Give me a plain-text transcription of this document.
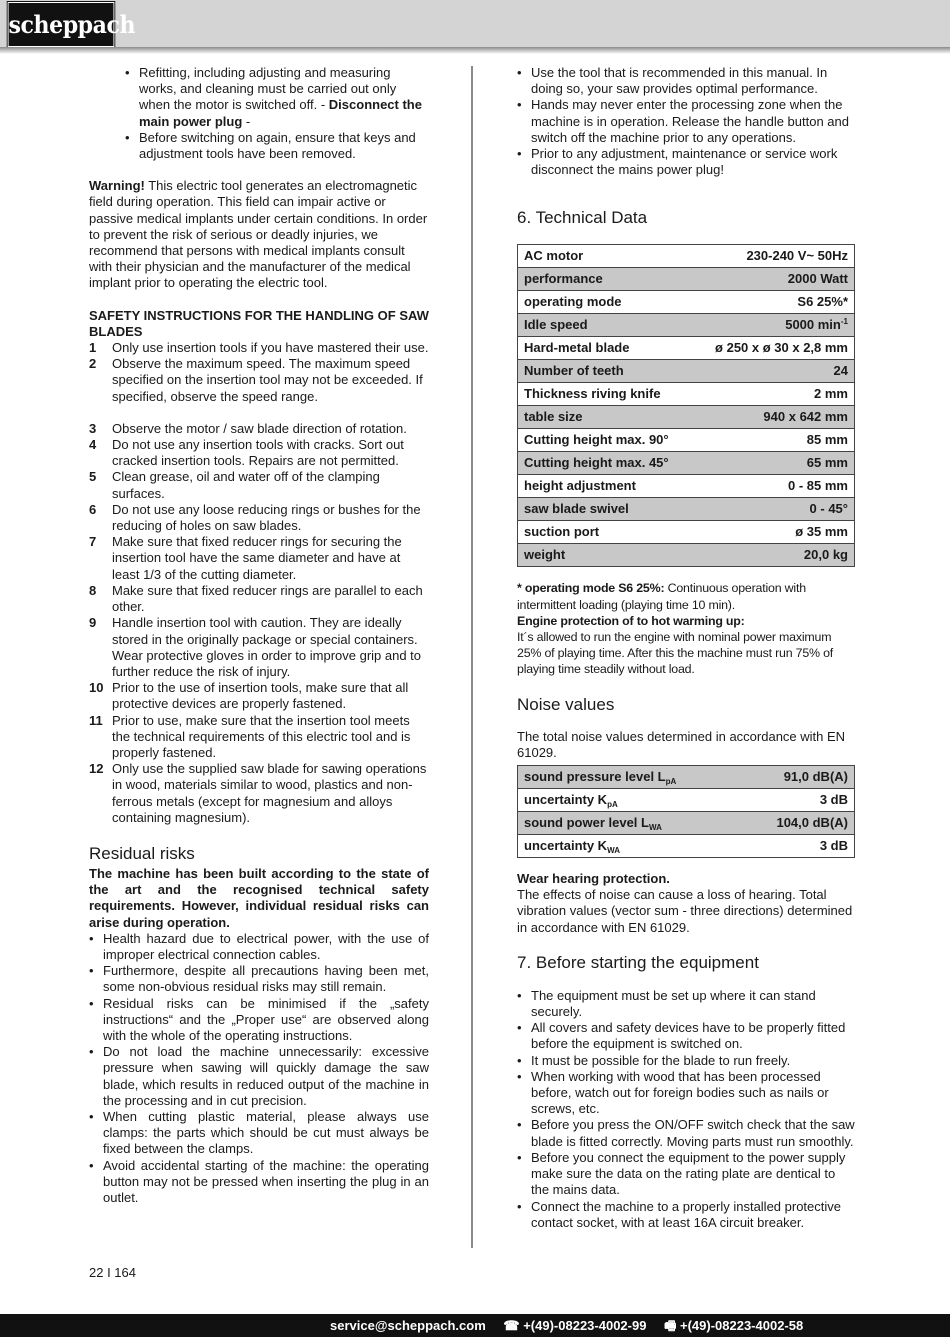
scheppach
• Refitting, including adjusting and measuring works, and cleaning must be carried out only when the motor is switched off. - Disconnect the main power plug -
• Before switching on again, ensure that keys and adjustment tools have been removed.

Warning! This electric tool generates an electromagnetic field during operation. This field can impair active or passive medical implants under certain conditions. In order to prevent the risk of serious or deadly injuries, we recommend that persons with medical implants consult with their physician and the manufacturer of the medical implant prior to operating the electric tool.

SAFETY INSTRUCTIONS FOR THE HANDLING OF SAW BLADES

1 Only use insertion tools if you have mastered their use.
2 Observe the maximum speed. The maximum speed specified on the insertion tool may not be exceeded. If specified, observe the speed range.
3 Observe the motor / saw blade direction of rotation.
4 Do not use any insertion tools with cracks. Sort out cracked insertion tools. Repairs are not permitted.
5 Clean grease, oil and water off of the clamping surfaces.
6 Do not use any loose reducing rings or bushes for the reducing of holes on saw blades.
7 Make sure that fixed reducer rings for securing the insertion tool have the same diameter and have at least 1/3 of the cutting diameter.
8 Make sure that fixed reducer rings are parallel to each other.
9 Handle insertion tool with caution. They are ideally stored in the originally package or special containers. Wear protective gloves in order to improve grip and to further reduce the risk of injury.
10 Prior to the use of insertion tools, make sure that all protective devices are properly fastened.
11 Prior to use, make sure that the insertion tool meets the technical requirements of this electric tool and is properly fastened.
12 Only use the supplied saw blade for sawing operations in wood, materials similar to wood, plastics and non-ferrous metals (except for magnesium and alloys containing magnesium).
Residual risks

The machine has been built according to the state of the art and the recognised technical safety requirements. However, individual residual risks can arise during operation.

• Health hazard due to electrical power, with the use of improper electrical connection cables.
• Furthermore, despite all precautions having been met, some non-obvious residual risks may still remain.
• Residual risks can be minimised if the „safety instructions“ and the „Proper use“ are observed along with the whole of the operating instructions.
• Do not load the machine unnecessarily: excessive pressure when sawing will quickly damage the saw blade, which results in reduced output of the machine in the processing and in cut precision.
• When cutting plastic material, please always use clamps: the parts which should be cut must always be fixed between the clamps.
• Avoid accidental starting of the machine: the operating button may not be pressed when inserting the plug in an outlet.
• Use the tool that is recommended in this manual. In doing so, your saw provides optimal performance.
• Hands may never enter the processing zone when the machine is in operation. Release the handle button and switch off the machine prior to any operations.
• Prior to any adjustment, maintenance or service work disconnect the mains power plug!
6. Technical Data
AC motor	230-240 V~ 50Hz
performance	2000 Watt
operating mode	S6 25%*
Idle speed	5000 $\min^{-1}$
Hard-metal blade	ø 250 x ø 30 x 2,8 mm
Number of teeth	24
Thickness riving knife	2 mm
table size	940 x 642 mm
Cutting height max. 90°	85 mm
Cutting height max. 45°	65 mm
height adjustment	0 - 85 mm
saw blade swivel	0 - 45°
suction port	ø 35 mm
weight	20,0 kg

* operating mode S6 25%: Continuous operation with intermittent loading (playing time 10 min).

Engine protection of to hot warming up:

It´s allowed to run the engine with nominal power maximum 25% of playing time. After this the machine must run 75% of playing time steadily without load.

Noise values

The total noise values determined in accordance with EN 61029.

sound pressure level $L_{pA}$	91,0 dB(A)
uncertainty $K_{pA}$	3 dB
sound power level $L_{WA}$	104,0 dB(A)
uncertainty $K_{WA}$	3 dB

Wear hearing protection.

The effects of noise can cause a loss of hearing. Total vibration values (vector sum - three directions) determined in accordance with EN 61029.

7. Before starting the equipment
• The equipment must be set up where it can stand securely.
• All covers and safety devices have to be properly fitted before the equipment is switched on.
• It must be possible for the blade to run freely.
• When working with wood that has been processed before, watch out for foreign bodies such as nails or screws, etc.
• Before you press the ON/OFF switch check that the saw blade is fitted correctly. Moving parts must run smoothly.
• Before you connect the equipment to the power supply make sure the data on the rating plate are dentical to the mains data.
• Connect the machine to a properly installed protective contact socket, with at least 16A circuit breaker.
22 I 164
service@scheppach.com ☎ +(49)-08223-4002-99 🖷 +(49)-08223-4002-58
